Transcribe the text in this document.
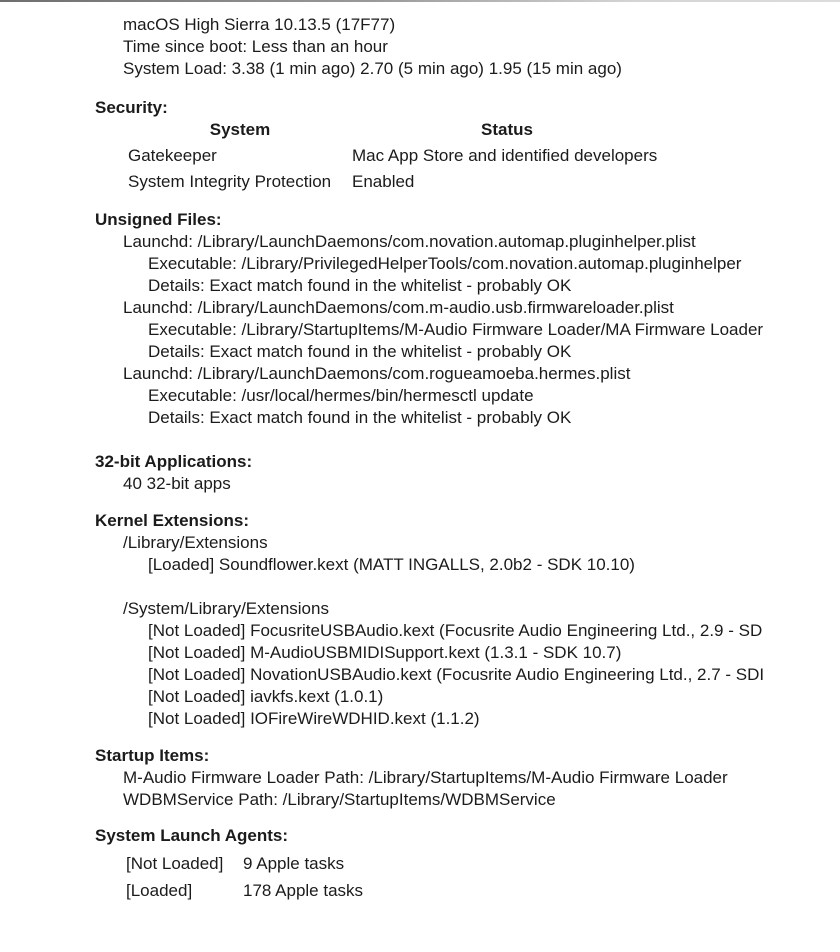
macOS High Sierra 10.13.5 (17F77)
Time since boot: Less than an hour
System Load: 3.38 (1 min ago) 2.70 (5 min ago) 1.95 (15 min ago)
Security:
System	Status
Gatekeeper	Mac App Store and identified developers
System Integrity Protection	Enabled
Unsigned Files:
Launchd: /Library/LaunchDaemons/com.novation.automap.pluginhelper.plist
Executable: /Library/PrivilegedHelperTools/com.novation.automap.pluginhelper
Details: Exact match found in the whitelist - probably OK
Launchd: /Library/LaunchDaemons/com.m-audio.usb.firmwareloader.plist
Executable: /Library/StartupItems/M-Audio Firmware Loader/MA Firmware Loader
Details: Exact match found in the whitelist - probably OK
Launchd: /Library/LaunchDaemons/com.rogueamoeba.hermes.plist
Executable: /usr/local/hermes/bin/hermesctl update
Details: Exact match found in the whitelist - probably OK
32-bit Applications:
40 32-bit apps
Kernel Extensions:
/Library/Extensions
[Loaded] Soundflower.kext (MATT INGALLS, 2.0b2 - SDK 10.10)
/System/Library/Extensions
[Not Loaded] FocusriteUSBAudio.kext (Focusrite Audio Engineering Ltd., 2.9 - SD
[Not Loaded] M-AudioUSBMIDISupport.kext (1.3.1 - SDK 10.7)
[Not Loaded] NovationUSBAudio.kext (Focusrite Audio Engineering Ltd., 2.7 - SDI
[Not Loaded] iavkfs.kext (1.0.1)
[Not Loaded] IOFireWireWDHID.kext (1.1.2)
Startup Items:
M-Audio Firmware Loader Path: /Library/StartupItems/M-Audio Firmware Loader
WDBMService Path: /Library/StartupItems/WDBMService
System Launch Agents:
[Not Loaded]	9 Apple tasks
[Loaded]	178 Apple tasks
